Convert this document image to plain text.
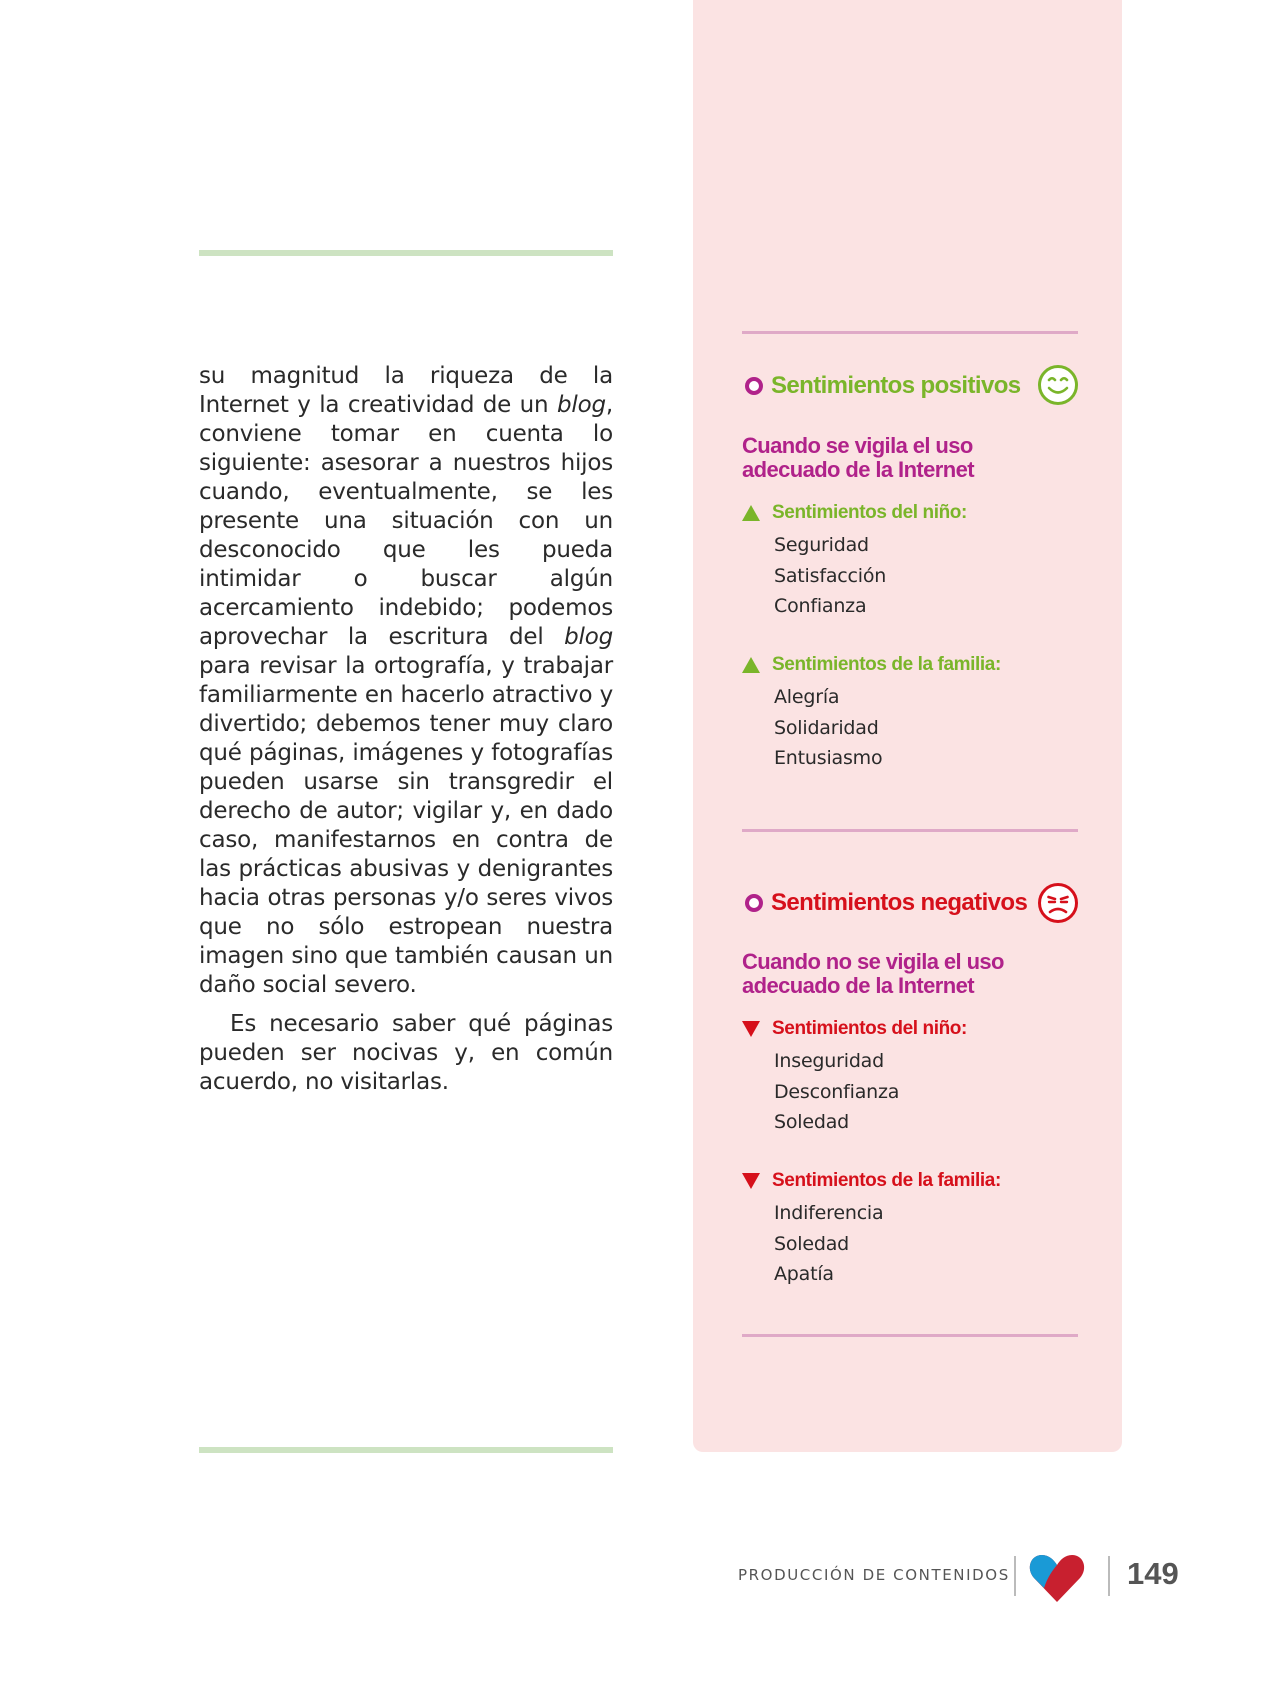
su magnitud la riqueza de la Internet y la creatividad de un blog, conviene tomar en cuenta lo siguiente: asesorar a nuestros hijos cuando, eventualmente, se les presente una situación con un desconocido que les pueda intimidar o buscar algún acercamiento indebido; podemos aprovechar la escritura del blog para revisar la ortografía, y trabajar familiarmente en hacerlo atractivo y divertido; debemos tener muy claro qué páginas, imágenes y fotografías pueden usarse sin transgredir el derecho de autor; vigilar y, en dado caso, manifestarnos en contra de las prácticas abusivas y denigrantes hacia otras personas y/o seres vivos que no sólo estropean nuestra imagen sino que también causan un daño social severo.

Es necesario saber qué páginas pueden ser nocivas y, en común acuerdo, no visitarlas.

Sentimientos positivos
Cuando se vigila el uso
adecuado de la Internet
Sentimientos del niño:
Seguridad
Satisfacción
Confianza
Sentimientos de la familia:
Alegría
Solidaridad
Entusiasmo
Sentimientos negativos
Cuando no se vigila el uso
adecuado de la Internet
Sentimientos del niño:
Inseguridad
Desconfianza
Soledad
Sentimientos de la familia:
Indiferencia
Soledad
Apatía
PRODUCCIÓN DE CONTENIDOS	149
